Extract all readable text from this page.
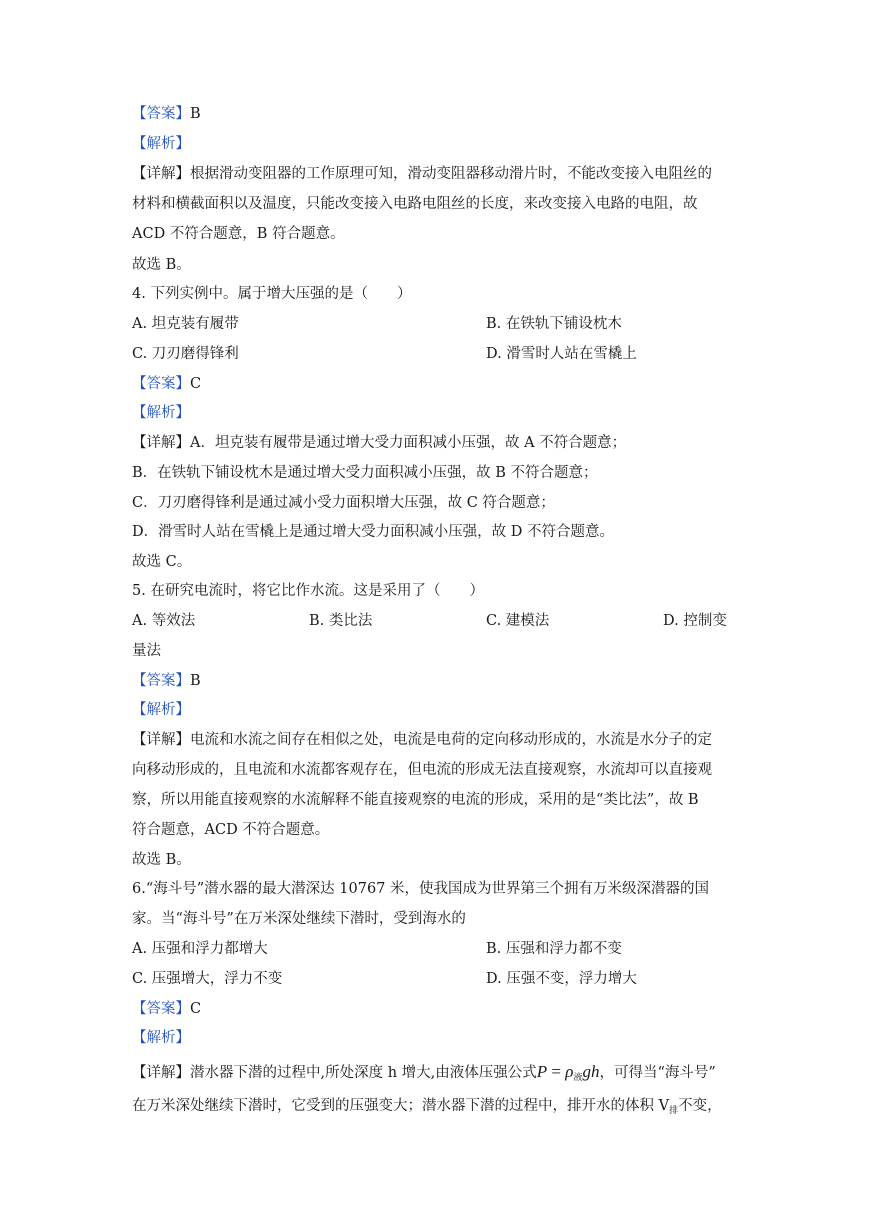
【答案】B
【解析】
【详解】根据滑动变阻器的工作原理可知，滑动变阻器移动滑片时，不能改变接入电阻丝的
材料和横截面积以及温度，只能改变接入电路电阻丝的长度，来改变接入电路的电阻，故
ACD 不符合题意，B 符合题意。
故选 B。
4. 下列实例中。属于增大压强的是（　　）
A. 坦克装有履带	B. 在铁轨下铺设枕木
C. 刀刃磨得锋利	D. 滑雪时人站在雪橇上
【答案】C
【解析】
【详解】A．坦克装有履带是通过增大受力面积减小压强，故 A 不符合题意；
B．在铁轨下铺设枕木是通过增大受力面积减小压强，故 B 不符合题意；
C．刀刃磨得锋利是通过减小受力面积增大压强，故 C 符合题意；
D．滑雪时人站在雪橇上是通过增大受力面积减小压强，故 D 不符合题意。
故选 C。
5. 在研究电流时，将它比作水流。这是采用了（　　）
A. 等效法	B. 类比法	C. 建模法	D. 控制变
量法
【答案】B
【解析】
【详解】电流和水流之间存在相似之处，电流是电荷的定向移动形成的，水流是水分子的定
向移动形成的，且电流和水流都客观存在，但电流的形成无法直接观察，水流却可以直接观
察，所以用能直接观察的水流解释不能直接观察的电流的形成，采用的是“类比法”，故 B
符合题意，ACD 不符合题意。
故选 B。
6.“海斗号”潜水器的最大潜深达 10767 米，使我国成为世界第三个拥有万米级深潜器的国
家。当“海斗号”在万米深处继续下潜时，受到海水的
A. 压强和浮力都增大	B. 压强和浮力都不变
C. 压强增大，浮力不变	D. 压强不变，浮力增大
【答案】C
【解析】
【详解】潜水器下潜的过程中,所处深度 h 增大,由液体压强公式$P = \rho_液gh$，可得当“海斗号”
在万米深处继续下潜时，它受到的压强变大；潜水器下潜的过程中，排开水的体积 $V_排$不变，
